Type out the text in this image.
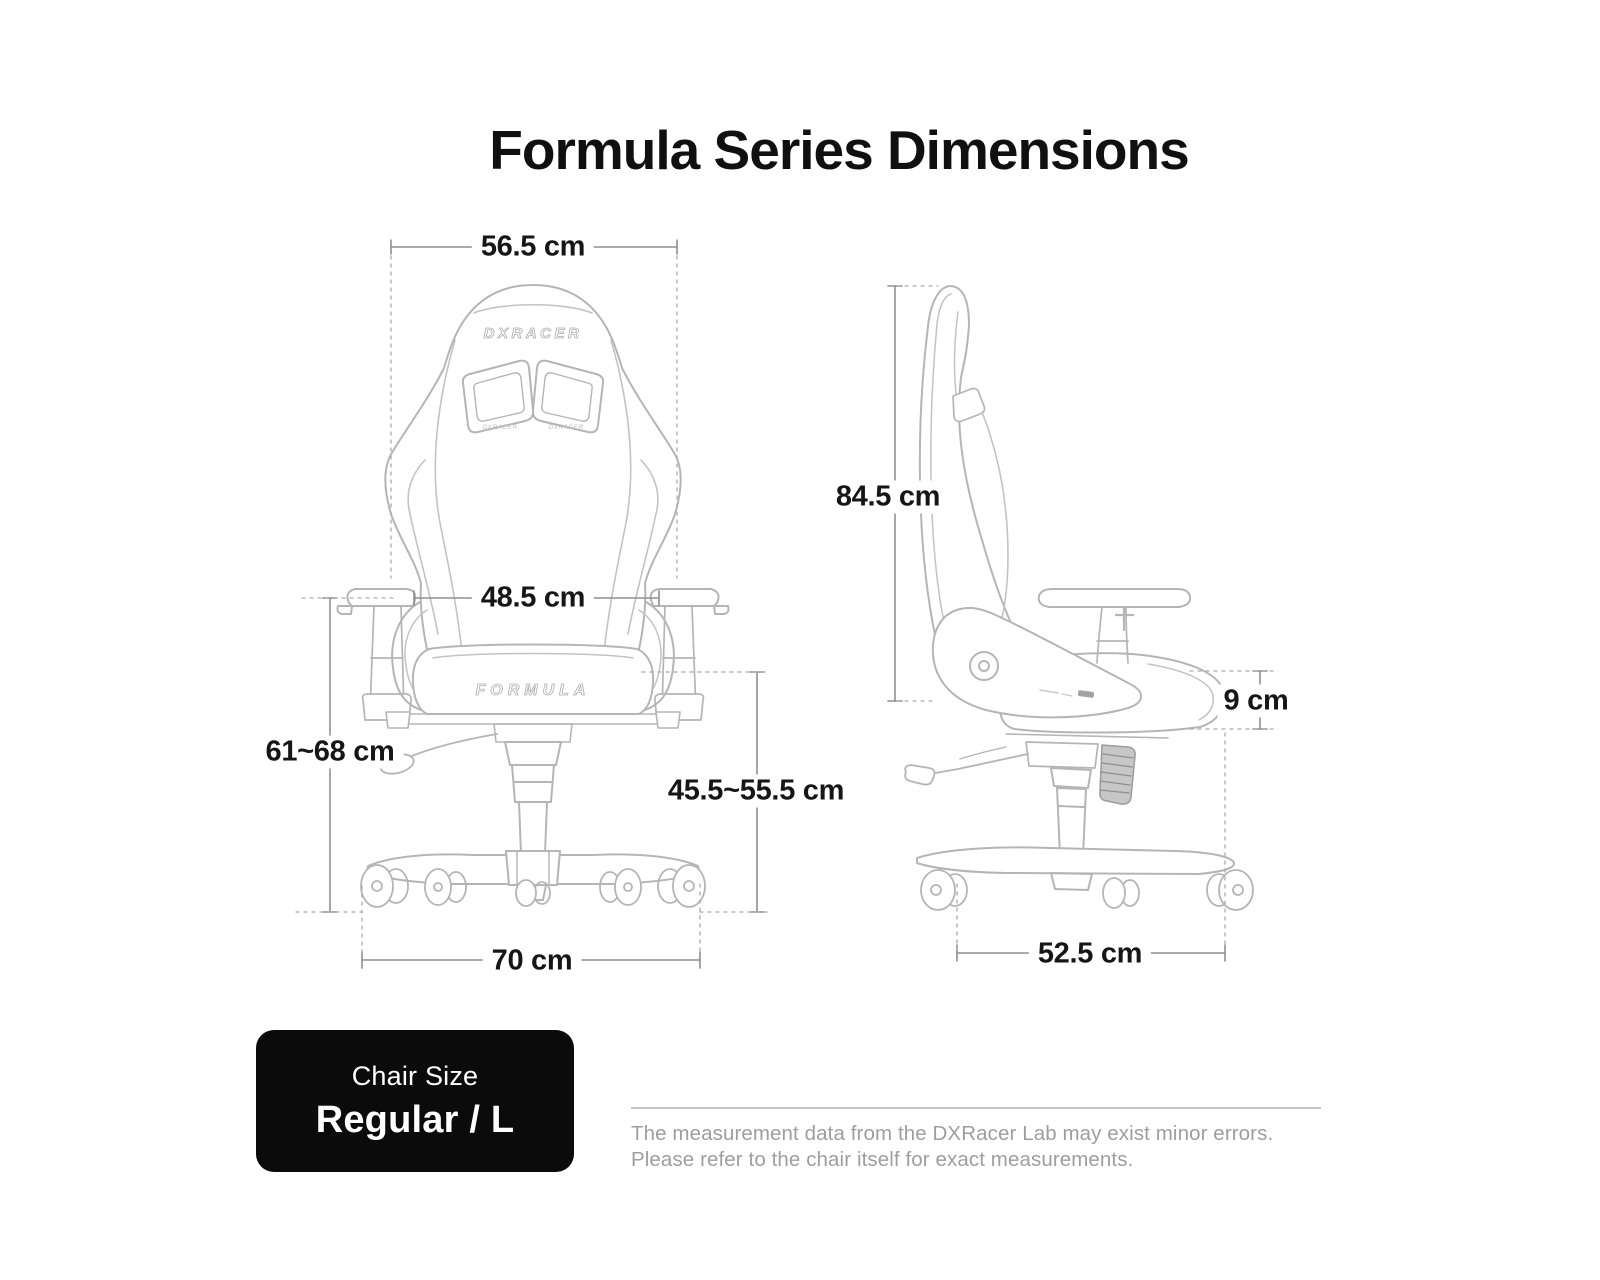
Formula Series Dimensions
DXRACER
DXRACER	DXRACER
FORMULA
56.5 cm
48.5 cm
61~68 cm
45.5~55.5 cm
70 cm
84.5 cm
9 cm
52.5 cm
Chair Size
Regular / L	The measurement data from the DXRacer Lab may exist minor errors.
Please refer to the chair itself for exact measurements.
